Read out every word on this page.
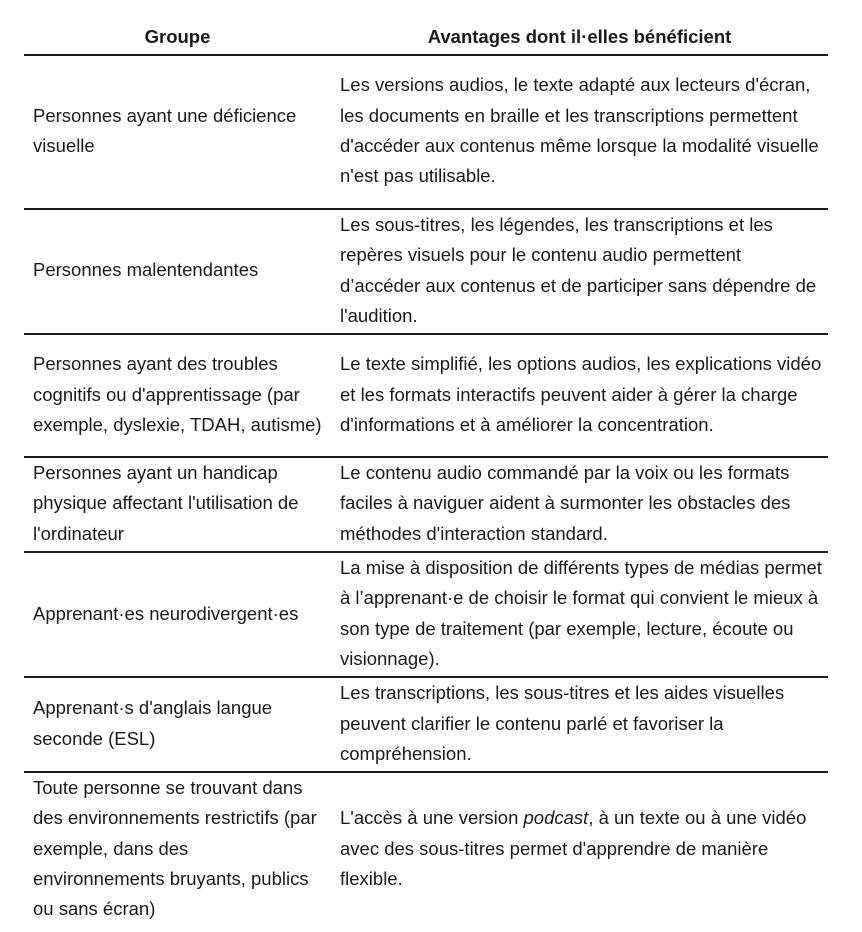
Groupe	Avantages dont il·elles bénéficient
Personnes ayant une déficience visuelle	Les versions audios, le texte adapté aux lecteurs d'écran, les documents en braille et les transcriptions permettent d'accéder aux contenus même lorsque la modalité visuelle n'est pas utilisable.
Personnes malentendantes	Les sous-titres, les légendes, les transcriptions et les repères visuels pour le contenu audio permettent d’accéder aux contenus et de participer sans dépendre de l'audition.
Personnes ayant des troubles cognitifs ou d'apprentissage (par exemple, dyslexie, TDAH, autisme)	Le texte simplifié, les options audios, les explications vidéo et les formats interactifs peuvent aider à gérer la charge d'informations et à améliorer la concentration.
Personnes ayant un handicap physique affectant l'utilisation de l'ordinateur	Le contenu audio commandé par la voix ou les formats faciles à naviguer aident à surmonter les obstacles des méthodes d'interaction standard.
Apprenant·es neurodivergent·es	La mise à disposition de différents types de médias permet à l’apprenant·e de choisir le format qui convient le mieux à son type de traitement (par exemple, lecture, écoute ou visionnage).
Apprenant·s d'anglais langue seconde (ESL)	Les transcriptions, les sous-titres et les aides visuelles peuvent clarifier le contenu parlé et favoriser la compréhension.
Toute personne se trouvant dans des environnements restrictifs (par exemple, dans des environnements bruyants, publics ou sans écran)	L'accès à une version podcast, à un texte ou à une vidéo avec des sous-titres permet d'apprendre de manière flexible.
